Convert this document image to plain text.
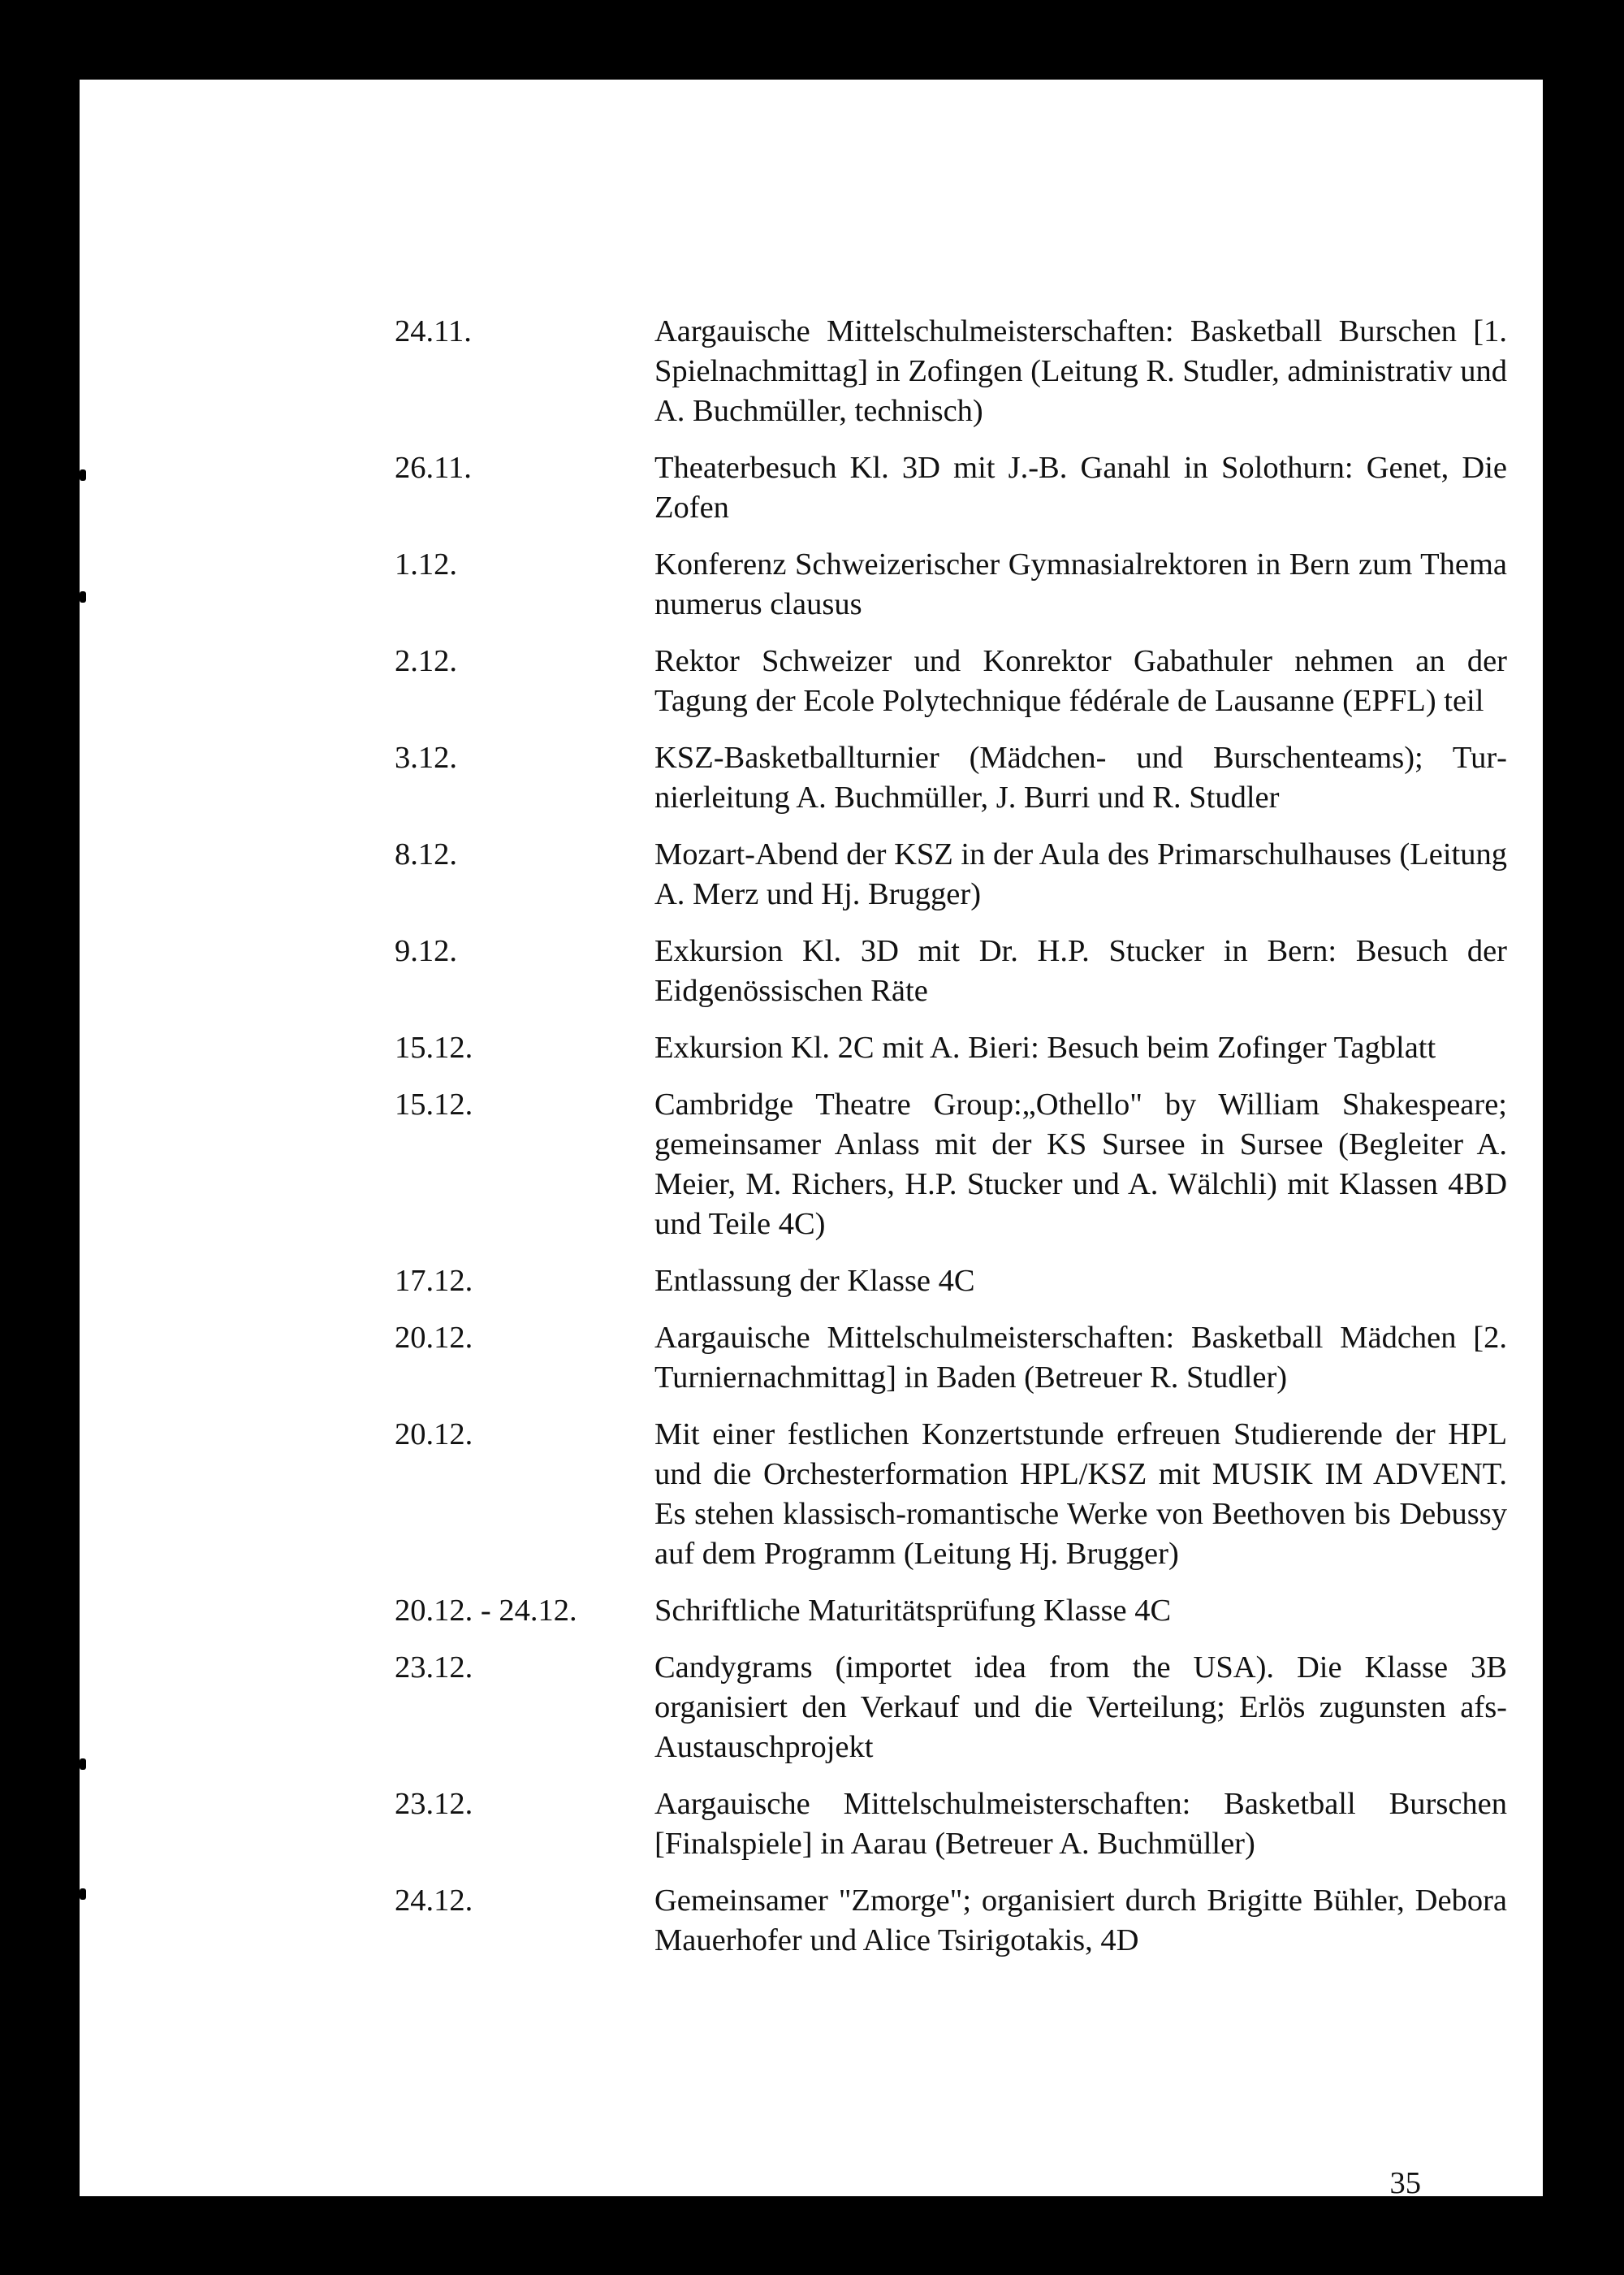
24.11.	Aargauische Mittelschulmeisterschaften: Basketball Burschen [1. Spielnachmittag] in Zofingen (Leitung R. Studler, administrativ und A. Buchmüller, technisch)
26.11.	Theaterbesuch Kl. 3D mit J.-B. Ganahl in Solothurn: Genet, Die Zofen
1.12.	Konferenz Schweizerischer Gymnasialrektoren in Bern zum Thema numerus clausus
2.12.	Rektor Schweizer und Konrektor Gabathuler nehmen an der Tagung der Ecole Polytechnique fédérale de Lausanne (EPFL) teil
3.12.	KSZ-Basketballturnier (Mädchen- und Burschenteams); Turnierleitung A. Buchmüller, J. Burri und R. Studler
8.12.	Mozart-Abend der KSZ in der Aula des Primarschulhauses (Leitung A. Merz und Hj. Brugger)
9.12.	Exkursion Kl. 3D mit Dr. H.P. Stucker in Bern: Besuch der Eidgenössischen Räte
15.12.	Exkursion Kl. 2C mit A. Bieri: Besuch beim Zofinger Tagblatt
15.12.	Cambridge Theatre Group:„Othello" by William Shakespeare; gemeinsamer Anlass mit der KS Sursee in Sursee (Begleiter A. Meier, M. Richers, H.P. Stucker und A. Wälchli) mit Klassen 4BD und Teile 4C)
17.12.	Entlassung der Klasse 4C
20.12.	Aargauische Mittelschulmeisterschaften: Basketball Mädchen [2. Turniernachmittag] in Baden (Betreuer R. Studler)
20.12.	Mit einer festlichen Konzertstunde erfreuen Studierende der HPL und die Orchesterformation HPL/KSZ mit MUSIK IM ADVENT. Es stehen klassisch-romantische Werke von Beethoven bis Debussy auf dem Programm (Leitung Hj. Brugger)
20.12. - 24.12.	Schriftliche Maturitätsprüfung Klasse 4C
23.12.	Candygrams (importet idea from the USA). Die Klasse 3B organisiert den Verkauf und die Verteilung; Erlös zugunsten afs-Austauschprojekt
23.12.	Aargauische Mittelschulmeisterschaften: Basketball Burschen [Finalspiele] in Aarau (Betreuer A. Buchmüller)
24.12.	Gemeinsamer "Zmorge"; organisiert durch Brigitte Bühler, Debora Mauerhofer und Alice Tsirigotakis, 4D
35
